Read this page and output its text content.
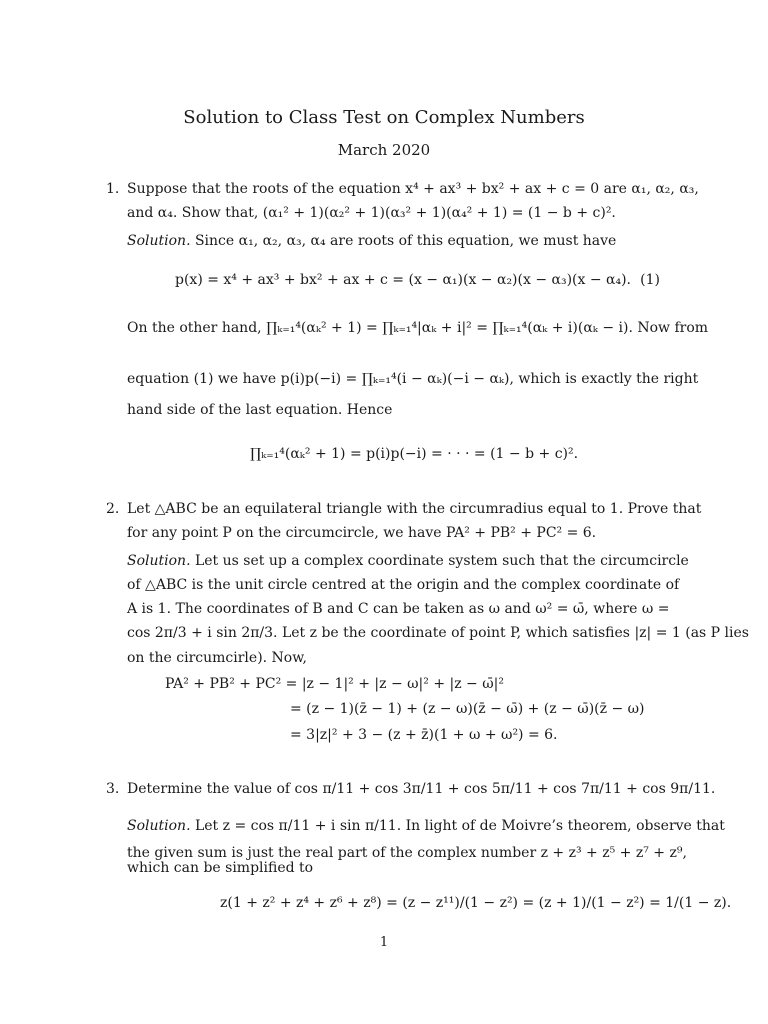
Solution to Class Test on Complex Numbers
March 2020
1. Suppose that the roots of the equation x⁴ + ax³ + bx² + ax + c = 0 are α₁, α₂, α₃,
and α₄. Show that, (α₁² + 1)(α₂² + 1)(α₃² + 1)(α₄² + 1) = (1 − b + c)².
Solution. Since α₁, α₂, α₃, α₄ are roots of this equation, we must have
p(x) = x⁴ + ax³ + bx² + ax + c = (x − α₁)(x − α₂)(x − α₃)(x − α₄). (1)
On the other hand, ∏ₖ₌₁⁴(αₖ² + 1) = ∏ₖ₌₁⁴|αₖ + i|² = ∏ₖ₌₁⁴(αₖ + i)(αₖ − i). Now from
equation (1) we have p(i)p(−i) = ∏ₖ₌₁⁴(i − αₖ)(−i − αₖ), which is exactly the right
hand side of the last equation. Hence
∏ₖ₌₁⁴(αₖ² + 1) = p(i)p(−i) = · · · = (1 − b + c)².
2. Let △ABC be an equilateral triangle with the circumradius equal to 1. Prove that
for any point P on the circumcircle, we have PA² + PB² + PC² = 6.
Solution. Let us set up a complex coordinate system such that the circumcircle
of △ABC is the unit circle centred at the origin and the complex coordinate of
A is 1. The coordinates of B and C can be taken as ω and ω² = ω̄, where ω =
cos 2π/3 + i sin 2π/3. Let z be the coordinate of point P, which satisfies |z| = 1 (as P lies
on the circumcirle). Now,
PA² + PB² + PC² = |z − 1|² + |z − ω|² + |z − ω̄|²
= (z − 1)(z̄ − 1) + (z − ω)(z̄ − ω̄) + (z − ω̄)(z̄ − ω)
= 3|z|² + 3 − (z + z̄)(1 + ω + ω²) = 6.
3. Determine the value of cos π/11 + cos 3π/11 + cos 5π/11 + cos 7π/11 + cos 9π/11.
Solution. Let z = cos π/11 + i sin π/11. In light of de Moivre’s theorem, observe that
the given sum is just the real part of the complex number z + z³ + z⁵ + z⁷ + z⁹,
which can be simplified to
z(1 + z² + z⁴ + z⁶ + z⁸) = (z − z¹¹)/(1 − z²) = (z + 1)/(1 − z²) = 1/(1 − z).
1
